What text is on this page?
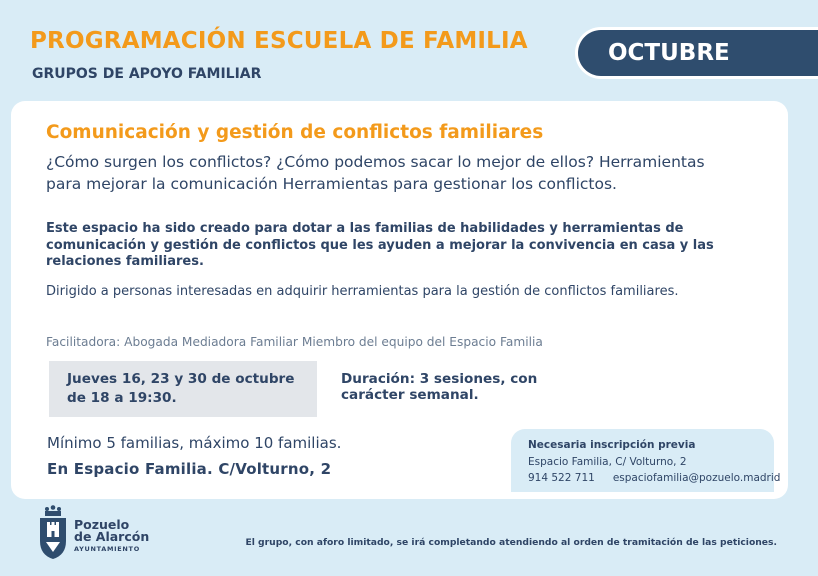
PROGRAMACIÓN ESCUELA DE FAMILIA
GRUPOS DE APOYO FAMILIAR
OCTUBRE
Comunicación y gestión de conflictos familiares
¿Cómo surgen los conflictos? ¿Cómo podemos sacar lo mejor de ellos? Herramientas para mejorar la comunicación Herramientas para gestionar los conflictos.
Este espacio ha sido creado para dotar a las familias de habilidades y herramientas de comunicación y gestión de conflictos que les ayuden a mejorar la convivencia en casa y las relaciones familiares.
Dirigido a personas interesadas en adquirir herramientas para la gestión de conflictos familiares.
Facilitadora: Abogada Mediadora Familiar Miembro del equipo del Espacio Familia
Jueves 16, 23 y 30 de octubre
de 18 a 19:30.
Duración: 3 sesiones, con
carácter semanal.
Mínimo 5 familias, máximo 10 familias.
En Espacio Familia. C/Volturno, 2
Necesaria inscripción previa
Espacio Familia, C/ Volturno, 2
914 522 711 espaciofamilia@pozuelo.madrid
Pozuelo
de Alarcón
AYUNTAMIENTO
El grupo, con aforo limitado, se irá completando atendiendo al orden de tramitación de las peticiones.
